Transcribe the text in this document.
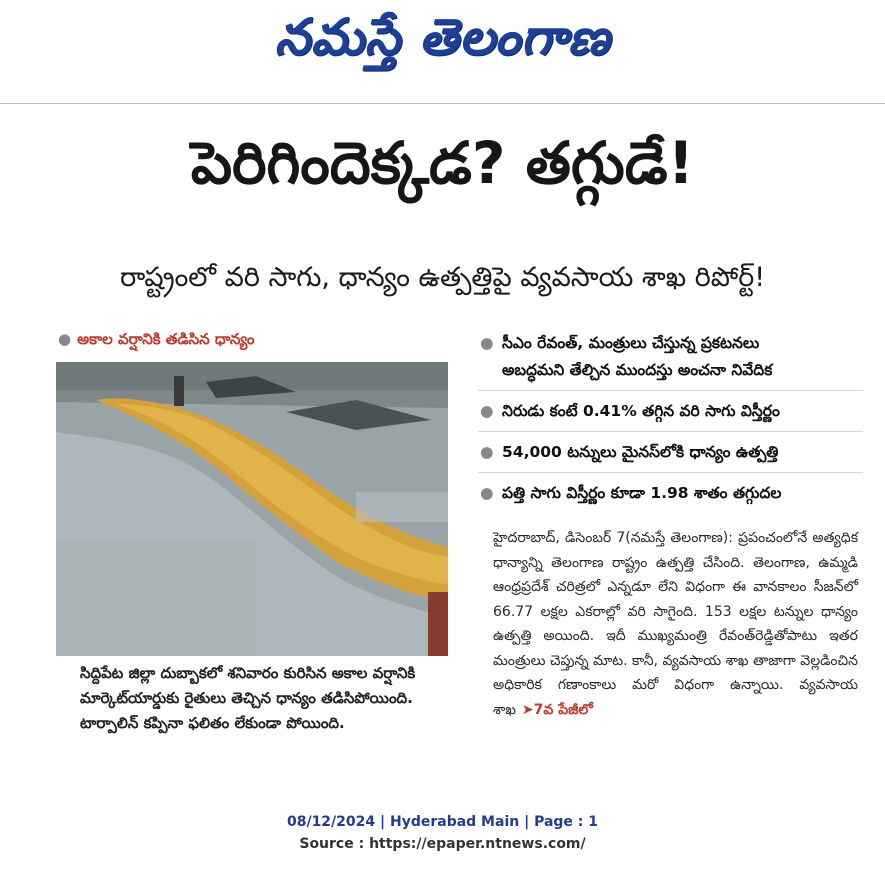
నమస్తే తెలంగాణ
పెరిగిందెక్కడ? తగ్గుడే!
రాష్ట్రంలో వరి సాగు, ధాన్యం ఉత్పత్తిపై వ్యవసాయ శాఖ రిపోర్ట్!
● అకాల వర్షానికి తడిసిన ధాన్యం
సిద్దిపేట జిల్లా దుబ్బాకలో శనివారం కురిసిన అకాల వర్షానికి మార్కెట్‌యార్డుకు రైతులు తెచ్చిన ధాన్యం తడిసిపోయింది. టార్పాలిన్ కప్పినా ఫలితం లేకుండా పోయింది.
● సీఎం రేవంత్, మంత్రులు చేస్తున్న ప్రకటనలు
అబద్ధమని తేల్చిన ముందస్తు అంచనా నివేదిక
● నిరుడు కంటే 0.41% తగ్గిన వరి సాగు విస్తీర్ణం
● 54,000 టన్నులు మైనస్‌లోకి ధాన్యం ఉత్పత్తి
● పత్తి సాగు విస్తీర్ణం కూడా 1.98 శాతం తగ్గుదల
హైదరాబాద్, డిసెంబర్ 7(నమస్తే తెలంగాణ): ప్రపంచంలోనే అత్యధిక ధాన్యాన్ని తెలంగాణ రాష్ట్రం ఉత్పత్తి చేసింది. తెలంగాణ, ఉమ్మడి ఆంధ్రప్రదేశ్ చరిత్రలో ఎన్నడూ లేని విధంగా ఈ వానకాలం సీజన్‌లో 66.77 లక్షల ఎకరాల్లో వరి సాగైంది. 153 లక్షల టన్నుల ధాన్యం ఉత్పత్తి అయింది. ఇదీ ముఖ్యమంత్రి రేవంత్‌రెడ్డితోపాటు ఇతర మంత్రులు చెప్తున్న మాట. కానీ, వ్యవసాయ శాఖ తాజాగా వెల్లడించిన అధికారిక గణాంకాలు మరో విధంగా ఉన్నాయి. వ్యవసాయ శాఖ ➤7వ పేజీలో
08/12/2024 | Hyderabad Main | Page : 1
Source : https://epaper.ntnews.com/
